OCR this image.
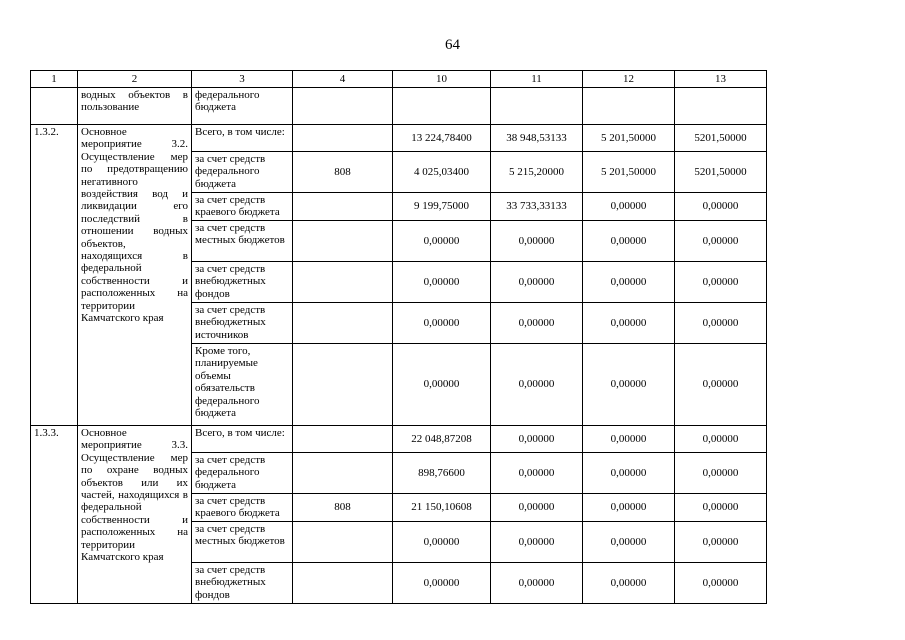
64
1	2	3	4	10	11	12	13
	водных объектов в пользование	федерального бюджета					
1.3.2.	Основное мероприятие 3.2. Осуществление мер по предотвращению негативного воздействия вод и ликвидации его последствий в отношении водных объектов, находящихся в федеральной собственности и расположенных на территории Камчатского края	Всего, в том числе:		13 224,78400	38 948,53133	5 201,50000	5201,50000
		за счет средств федерального бюджета	808	4 025,03400	5 215,20000	5 201,50000	5201,50000
		за счет средств краевого бюджета		9 199,75000	33 733,33133	0,00000	0,00000
		за счет средств местных бюджетов		0,00000	0,00000	0,00000	0,00000
		за счет средств внебюджетных фондов		0,00000	0,00000	0,00000	0,00000
		за счет средств внебюджетных источников		0,00000	0,00000	0,00000	0,00000
		Кроме того, планируемые объемы обязательств федерального бюджета		0,00000	0,00000	0,00000	0,00000
1.3.3.	Основное мероприятие 3.3. Осуществление мер по охране водных объектов или их частей, находящихся в федеральной собственности и расположенных на территории Камчатского края	Всего, в том числе:		22 048,87208	0,00000	0,00000	0,00000
		за счет средств федерального бюджета		898,76600	0,00000	0,00000	0,00000
		за счет средств краевого бюджета	808	21 150,10608	0,00000	0,00000	0,00000
		за счет средств местных бюджетов		0,00000	0,00000	0,00000	0,00000
		за счет средств внебюджетных фондов		0,00000	0,00000	0,00000	0,00000
